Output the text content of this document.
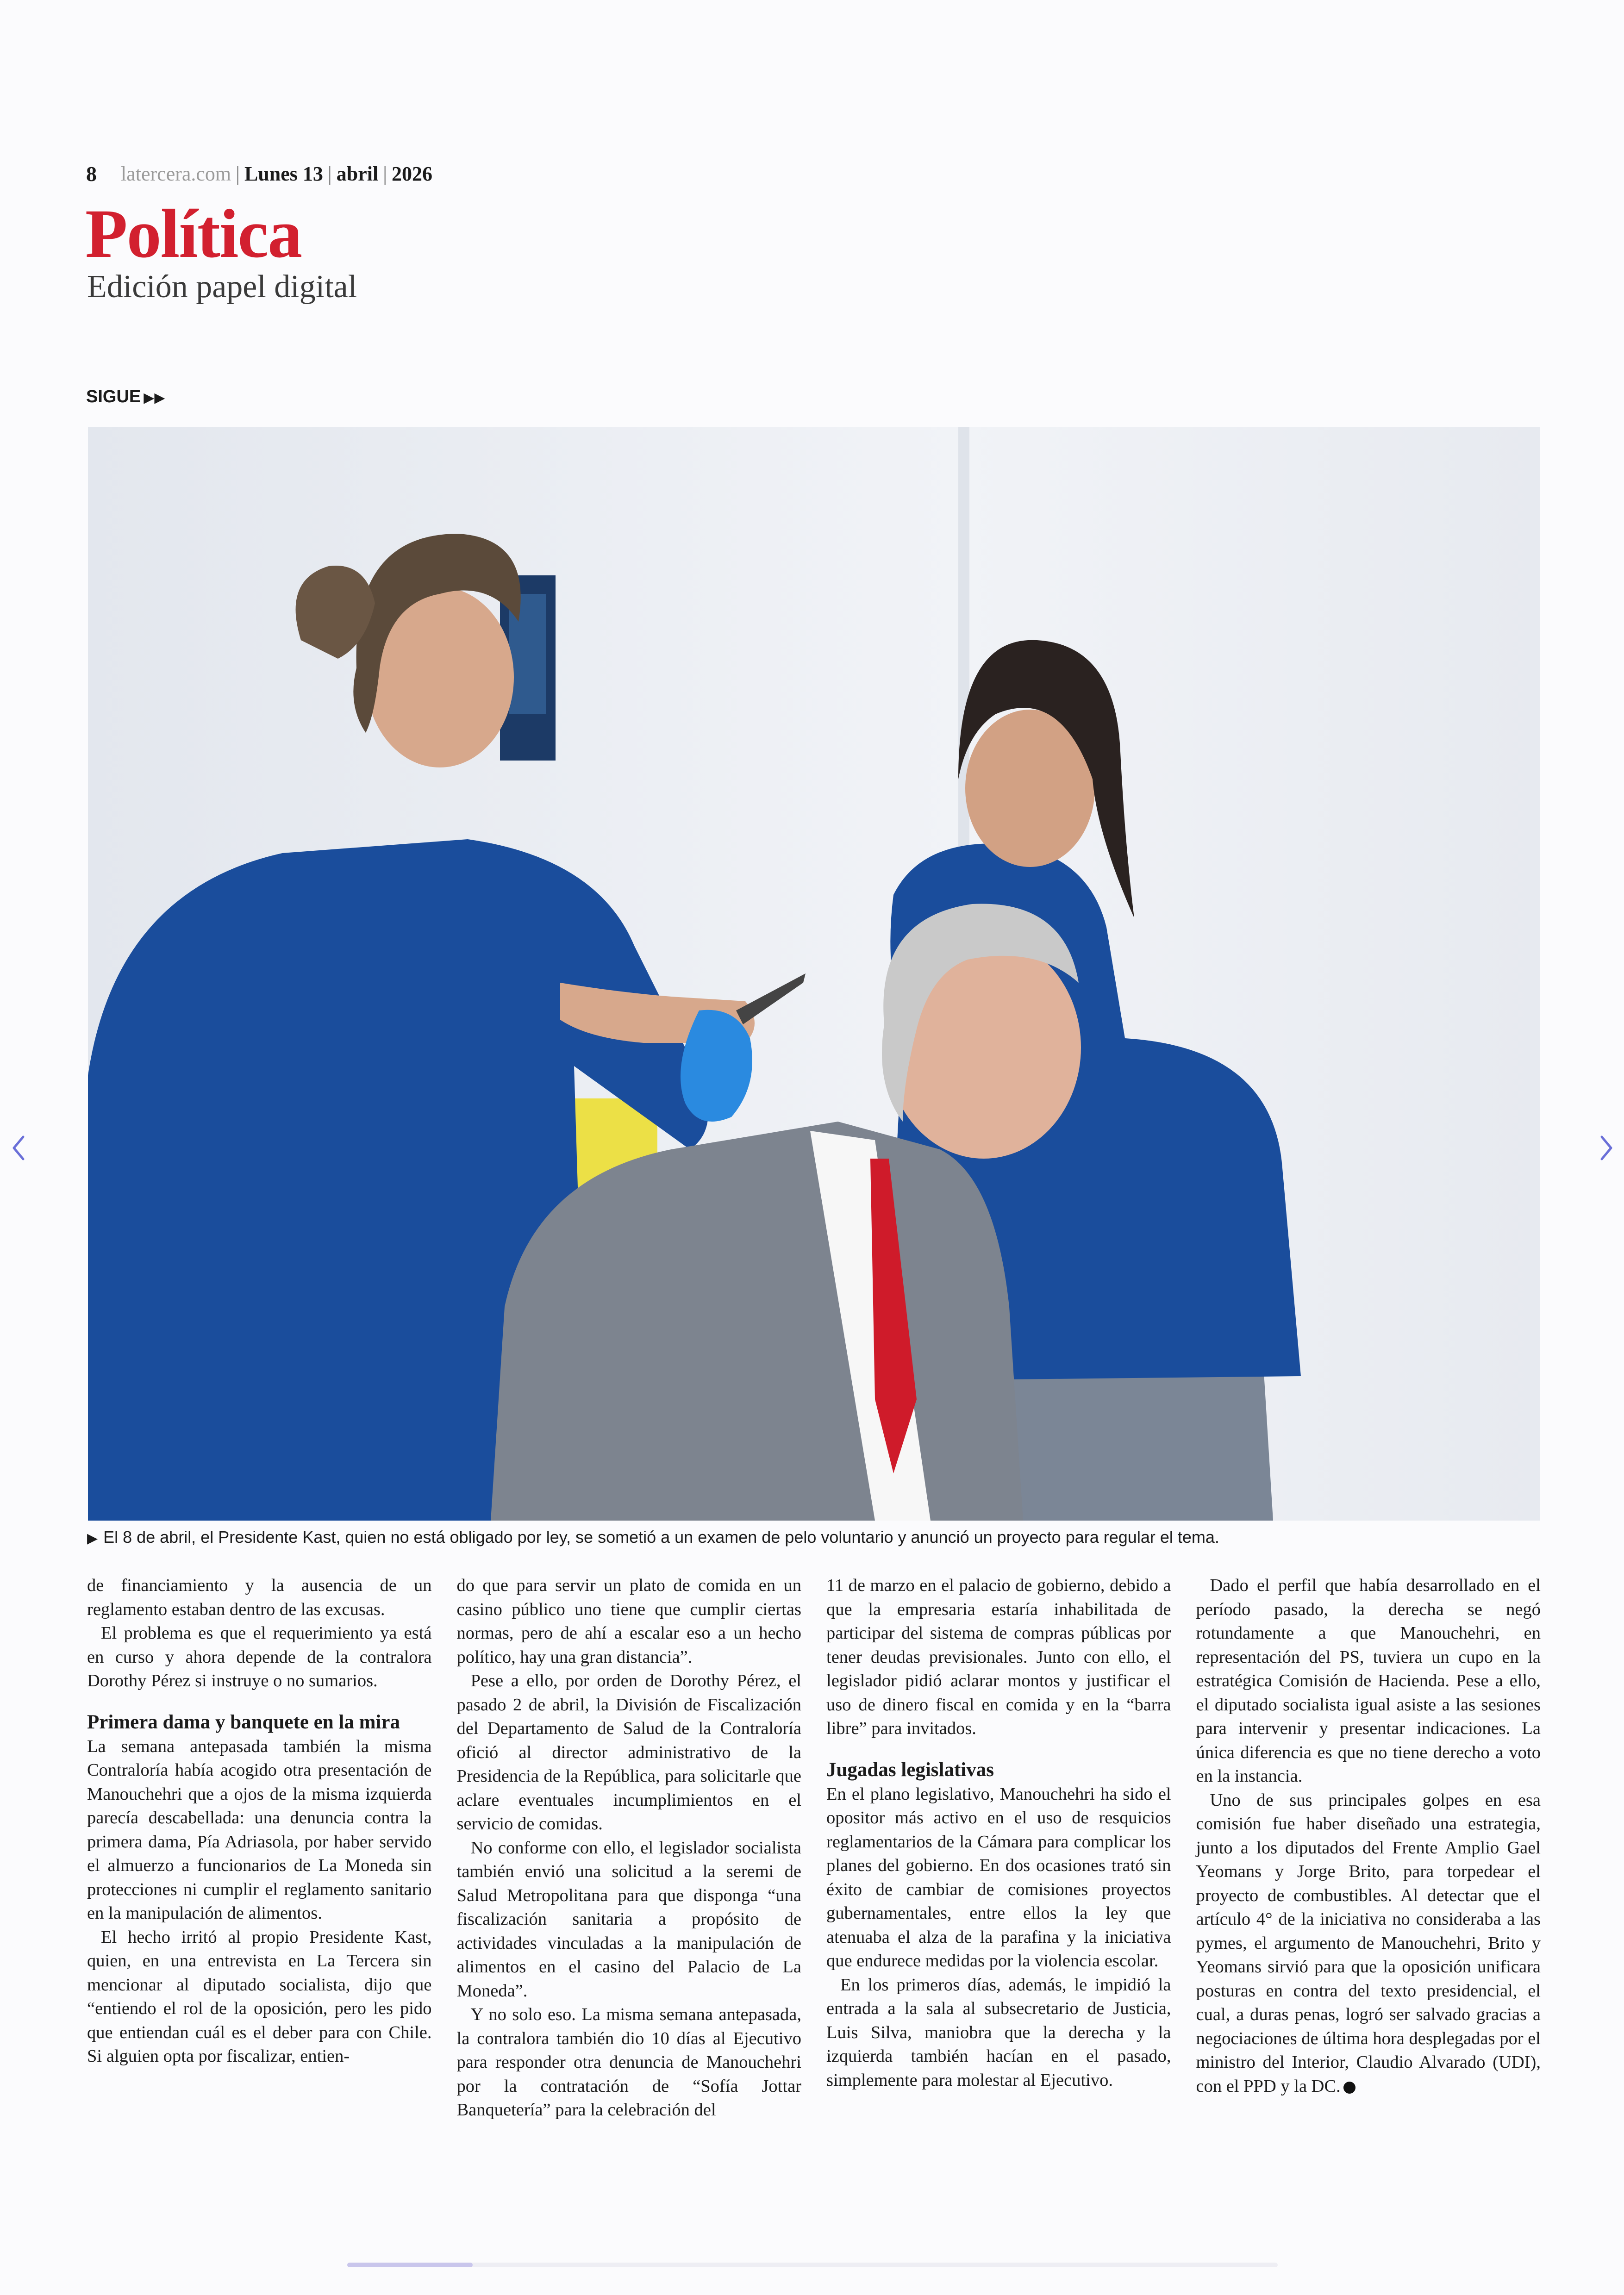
8 latercera.com | Lunes 13 | abril | 2026
Política
Edición papel digital
SIGUE ▶▶
▶ El 8 de abril, el Presidente Kast, quien no está obligado por ley, se sometió a un examen de pelo voluntario y anunció un proyecto para regular el tema.

de financiamiento y la ausencia de un reglamento estaban dentro de las excusas.

El problema es que el requerimiento ya está en curso y ahora depende de la contralora Dorothy Pérez si instruye o no sumarios.

Primera dama y banquete en la mira

La semana antepasada también la misma Contraloría había acogido otra presentación de Manouchehri que a ojos de la misma izquierda parecía descabellada: una denuncia contra la primera dama, Pía Adriasola, por haber servido el almuerzo a funcionarios de La Moneda sin protecciones ni cumplir el reglamento sanitario en la manipulación de alimentos.

El hecho irritó al propio Presidente Kast, quien, en una entrevista en La Tercera sin mencionar al diputado socialista, dijo que “entiendo el rol de la oposición, pero les pido que entiendan cuál es el deber para con Chile. Si alguien opta por fiscalizar, entien-

do que para servir un plato de comida en un casino público uno tiene que cumplir ciertas normas, pero de ahí a escalar eso a un hecho político, hay una gran distancia”.

Pese a ello, por orden de Dorothy Pérez, el pasado 2 de abril, la División de Fiscalización del Departamento de Salud de la Contraloría ofició al director administrativo de la Presidencia de la República, para solicitarle que aclare eventuales incumplimientos en el servicio de comidas.

No conforme con ello, el legislador socialista también envió una solicitud a la seremi de Salud Metropolitana para que disponga “una fiscalización sanitaria a propósito de actividades vinculadas a la manipulación de alimentos en el casino del Palacio de La Moneda”.

Y no solo eso. La misma semana antepasada, la contralora también dio 10 días al Ejecutivo para responder otra denuncia de Manouchehri por la contratación de “Sofía Jottar Banquetería” para la celebración del

11 de marzo en el palacio de gobierno, debido a que la empresaria estaría inhabilitada de participar del sistema de compras públicas por tener deudas previsionales. Junto con ello, el legislador pidió aclarar montos y justificar el uso de dinero fiscal en comida y en la “barra libre” para invitados.

Jugadas legislativas

En el plano legislativo, Manouchehri ha sido el opositor más activo en el uso de resquicios reglamentarios de la Cámara para complicar los planes del gobierno. En dos ocasiones trató sin éxito de cambiar de comisiones proyectos gubernamentales, entre ellos la ley que atenuaba el alza de la parafina y la iniciativa que endurece medidas por la violencia escolar.

En los primeros días, además, le impidió la entrada a la sala al subsecretario de Justicia, Luis Silva, maniobra que la derecha y la izquierda también hacían en el pasado, simplemente para molestar al Ejecutivo.

Dado el perfil que había desarrollado en el período pasado, la derecha se negó rotundamente a que Manouchehri, en representación del PS, tuviera un cupo en la estratégica Comisión de Hacienda. Pese a ello, el diputado socialista igual asiste a las sesiones para intervenir y presentar indicaciones. La única diferencia es que no tiene derecho a voto en la instancia.

Uno de sus principales golpes en esa comisión fue haber diseñado una estrategia, junto a los diputados del Frente Amplio Gael Yeomans y Jorge Brito, para torpedear el proyecto de combustibles. Al detectar que el artículo 4° de la iniciativa no consideraba a las pymes, el argumento de Manouchehri, Brito y Yeomans sirvió para que la oposición unificara posturas en contra del texto presidencial, el cual, a duras penas, logró ser salvado gracias a negociaciones de última hora desplegadas por el ministro del Interior, Claudio Alvarado (UDI), con el PPD y la DC.
